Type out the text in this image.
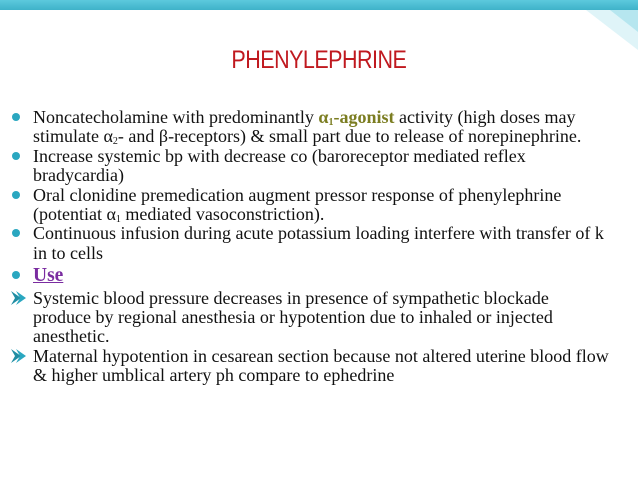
PHENYLEPHRINE

Noncatecholamine with predominantly $\alpha_1$-agonist activity (high doses may stimulate $\alpha_2-$ and β-receptors) & small part due to release of norepinephrine.

Increase systemic bp with decrease co (baroreceptor mediated reflex bradycardia)

Oral clonidine premedication augment pressor response of phenylephrine (potentiat $\alpha_1$ mediated vasoconstriction).

Continuous infusion during acute potassium loading interfere with transfer of k in to cells

Use

Systemic blood pressure decreases in presence of sympathetic blockade produce by regional anesthesia or hypotention due to inhaled or injected anesthetic.

Maternal hypotention in cesarean section because not altered uterine blood flow & higher umblical artery ph compare to ephedrine
